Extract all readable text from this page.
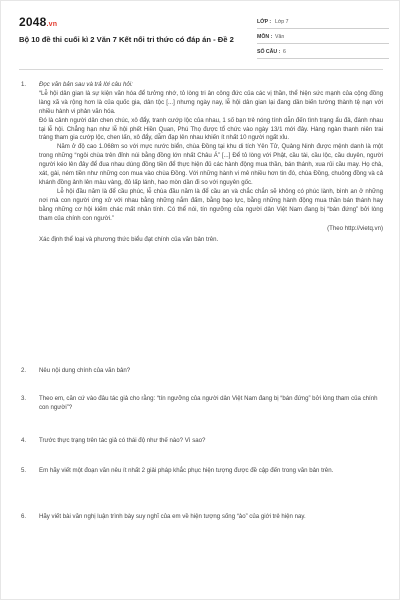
2048.vn
Bộ 10 đề thi cuối kì 2 Văn 7 Kết nối tri thức có đáp án - Đề 2
LỚP : Lớp 7
MÔN : Văn
SỐ CÂU : 6
1.	Đọc văn bản sau và trả lời câu hỏi:

“Lễ hội dân gian là sự kiện văn hóa để tưởng nhớ, tỏ lòng tri ân công đức của các vị thần, thể hiện sức mạnh của cộng đồng làng xã và rộng hơn là của quốc gia, dân tộc [...] nhưng ngày nay, lễ hội dân gian lại đang dần biến tướng thành tệ nạn với nhiều hành vi phản văn hóa.

Đó là cảnh người dân chen chúc, xô đẩy, tranh cướp lộc của nhau, 1 số bạn trẻ nóng tính dẫn đến tình trạng ẩu đả, đánh nhau tại lễ hội. Chẳng hạn như lễ hội phết Hiền Quan, Phú Thọ được tổ chức vào ngày 13/1 mới đây. Hàng ngàn thanh niên trai tráng tham gia cướp lộc, chen lấn, xô đẩy, dẫm đạp lên nhau khiến ít nhất 10 người ngất xỉu.

Năm ở độ cao 1.068m so với mực nước biển, chùa Đồng tại khu di tích Yên Tử, Quảng Ninh được mệnh danh là một trong những “ngôi chùa trên đỉnh núi bằng đồng lớn nhất Châu Á” [...] Để tỏ lòng với Phật, cầu tài, cầu lộc, cầu duyên, người người kéo lên đây để đua nhau dúng đồng tiền để thực hiện đủ các hành động mua thần, bán thánh, xua rủi cầu may. Họ chà, xát, gài, ném tiền như những con mua vào chùa Đồng. Với những hành vi mê nhiều hơn tin đó, chùa Đồng, chuông đồng và cả khánh đồng ảnh lên màu vàng, đỏ lấp lánh, hao mòn dần đi so với nguyên gốc.

Lễ hội đầu năm là để cầu phúc, lễ chùa đầu năm là để cầu an và chắc chắn sẽ không có phúc lành, bình an ở những nơi mà con người ứng xử với nhau bằng những nắm đấm, bằng bạo lực, bằng những hành động mua thần bán thánh hay bằng những cơ hội kiếm chác mất nhân tính. Có thể nói, tín ngưỡng của người dân Việt Nam đang bị “bán đứng” bởi lòng tham của chính con người.”

(Theo http://vietq.vn)

Xác định thể loại và phương thức biểu đạt chính của văn bản trên.

2.	Nêu nội dung chính của văn bản?
3.	Theo em, căn cứ vào đâu tác giả cho rằng: “tín ngưỡng của người dân Việt Nam đang bị “bán đứng” bởi lòng tham của chính con người”?
4.	Trước thực trạng trên tác giả có thái độ như thế nào? Vì sao?
5.	Em hãy viết một đoạn văn nêu ít nhất 2 giải pháp khắc phục hiện tượng được đề cập đến trong văn bản trên.
6.	Hãy viết bài văn nghị luận trình bày suy nghĩ của em về hiện tượng sống “ảo” của giới trẻ hiện nay.
